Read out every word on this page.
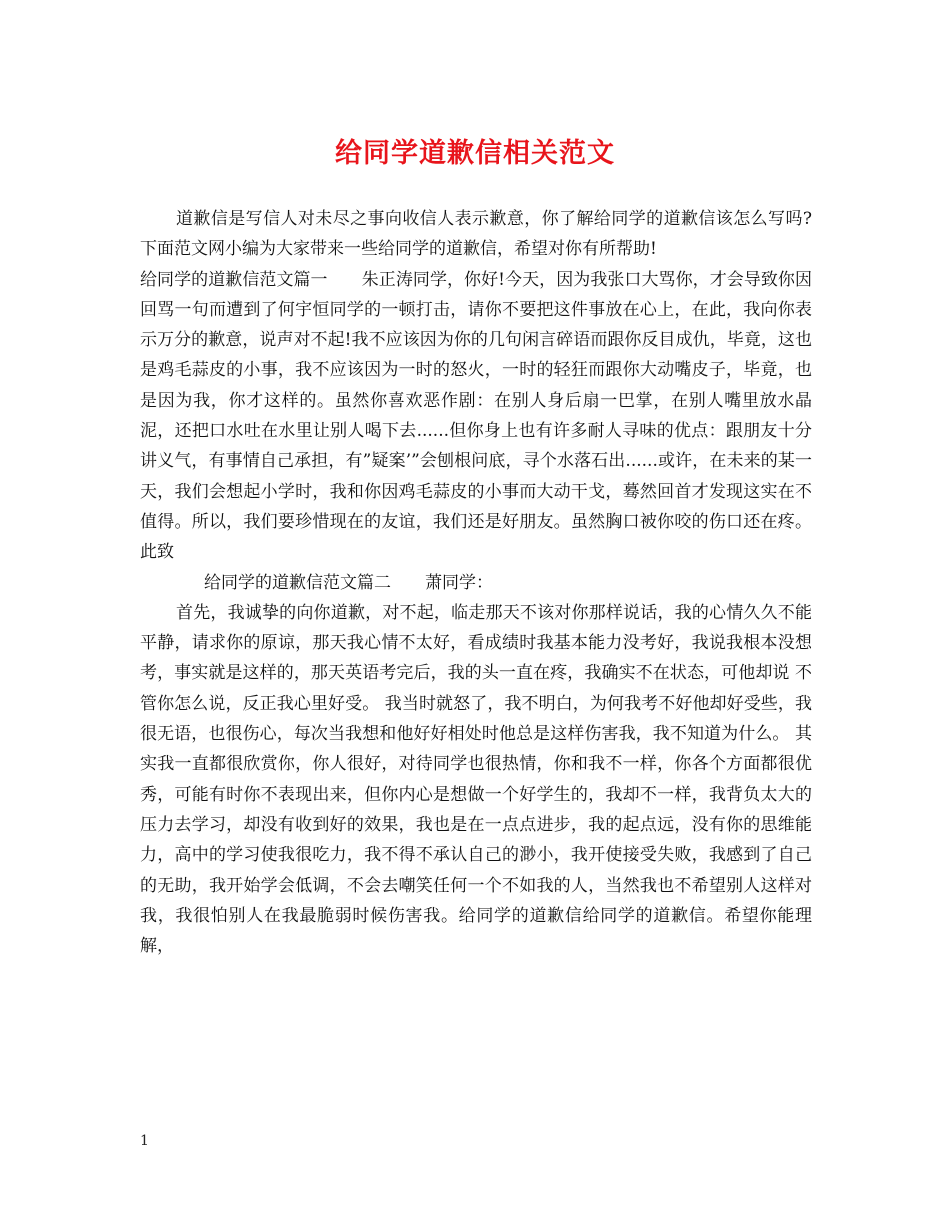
给同学道歉信相关范文

道歉信是写信人对未尽之事向收信人表示歉意，你了解给同学的道歉信该怎么写吗?下面范文网小编为大家带来一些给同学的道歉信，希望对你有所帮助!

给同学的道歉信范文篇一　　朱正涛同学，你好!今天，因为我张口大骂你，才会导致你因回骂一句而遭到了何宇恒同学的一顿打击，请你不要把这件事放在心上，在此，我向你表示万分的歉意，说声对不起!我不应该因为你的几句闲言碎语而跟你反目成仇，毕竟，这也是鸡毛蒜皮的小事，我不应该因为一时的怒火，一时的轻狂而跟你大动嘴皮子，毕竟，也是因为我，你才这样的。虽然你喜欢恶作剧：在别人身后扇一巴掌，在别人嘴里放水晶泥，还把口水吐在水里让别人喝下去......但你身上也有许多耐人寻味的优点：跟朋友十分讲义气，有事情自己承担，有”疑案’”会刨根问底，寻个水落石出......或许，在未来的某一天，我们会想起小学时，我和你因鸡毛蒜皮的小事而大动干戈，蓦然回首才发现这实在不值得。所以，我们要珍惜现在的友谊，我们还是好朋友。虽然胸口被你咬的伤口还在疼。此致

给同学的道歉信范文篇二　　萧同学：

首先，我诚挚的向你道歉，对不起，临走那天不该对你那样说话，我的心情久久不能平静，请求你的原谅，那天我心情不太好，看成绩时我基本能力没考好，我说我根本没想考，事实就是这样的，那天英语考完后，我的头一直在疼，我确实不在状态，可他却说 不管你怎么说，反正我心里好受。 我当时就怒了，我不明白，为何我考不好他却好受些，我很无语，也很伤心，每次当我想和他好好相处时他总是这样伤害我，我不知道为什么。 其实我一直都很欣赏你，你人很好，对待同学也很热情，你和我不一样，你各个方面都很优秀，可能有时你不表现出来，但你内心是想做一个好学生的，我却不一样，我背负太大的压力去学习，却没有收到好的效果，我也是在一点点进步，我的起点远，没有你的思维能力，高中的学习使我很吃力，我不得不承认自己的渺小，我开使接受失败，我感到了自己的无助，我开始学会低调，不会去嘲笑任何一个不如我的人，当然我也不希望别人这样对我，我很怕别人在我最脆弱时候伤害我。给同学的道歉信给同学的道歉信。希望你能理解，

1
